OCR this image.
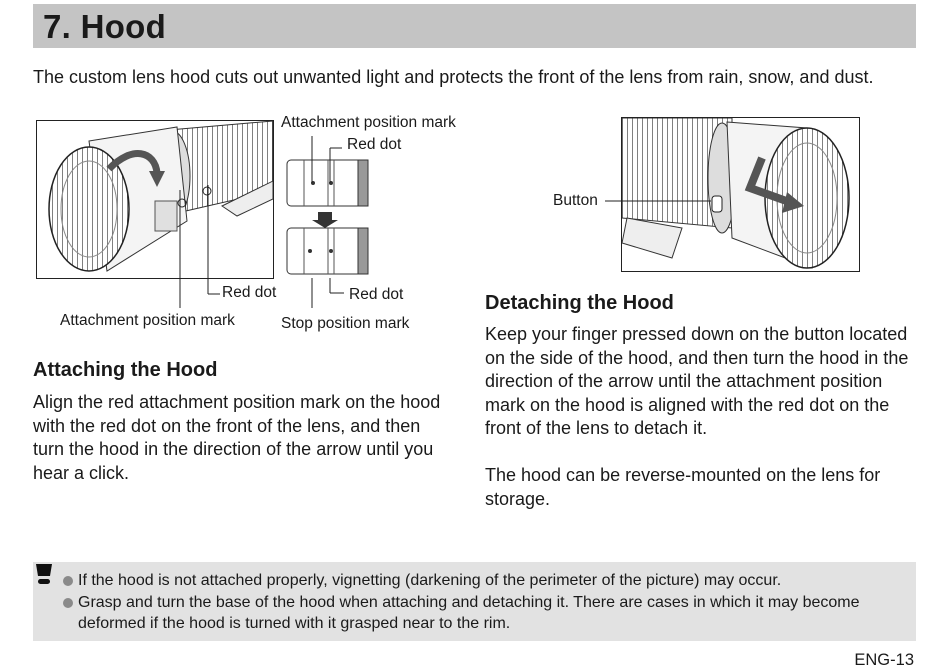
7. Hood

The custom lens hood cuts out unwanted light and protects the front of the lens from rain, snow, and dust.

Attachment position mark
Red dot
Red dot	Red dot
Attachment position mark	Stop position mark
Button
Attaching the Hood

Align the red attachment position mark on the hood with the red dot on the front of the lens, and then turn the hood in the direction of the arrow until you hear a click.

Detaching the Hood

Keep your finger pressed down on the button located on the side of the hood, and then turn the hood in the direction of the arrow until the attachment position mark on the hood is aligned with the red dot on the front of the lens to detach it.

The hood can be reverse-mounted on the lens for storage.

If the hood is not attached properly, vignetting (darkening of the perimeter of the picture) may occur.
Grasp and turn the base of the hood when attaching and detaching it. There are cases in which it may become deformed if the hood is turned with it grasped near to the rim.
ENG-13
